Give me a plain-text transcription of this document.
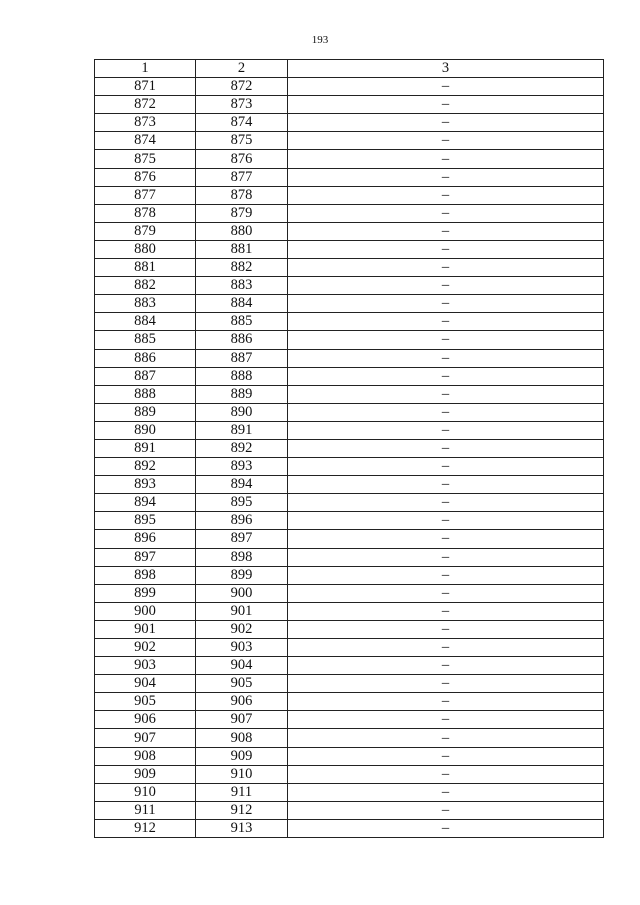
193
1	2	3
871	872	–
872	873	–
873	874	–
874	875	–
875	876	–
876	877	–
877	878	–
878	879	–
879	880	–
880	881	–
881	882	–
882	883	–
883	884	–
884	885	–
885	886	–
886	887	–
887	888	–
888	889	–
889	890	–
890	891	–
891	892	–
892	893	–
893	894	–
894	895	–
895	896	–
896	897	–
897	898	–
898	899	–
899	900	–
900	901	–
901	902	–
902	903	–
903	904	–
904	905	–
905	906	–
906	907	–
907	908	–
908	909	–
909	910	–
910	911	–
911	912	–
912	913	–
